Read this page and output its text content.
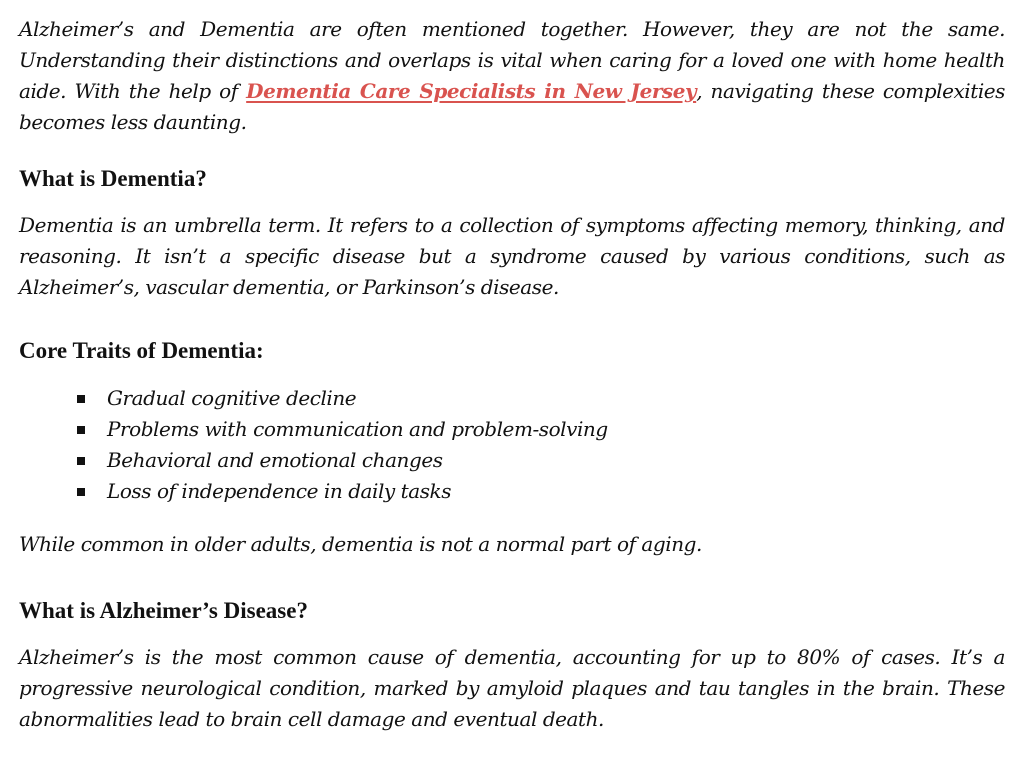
Alzheimer’s and Dementia are often mentioned together. However, they are not the same. Understanding their distinctions and overlaps is vital when caring for a loved one with home health aide. With the help of Dementia Care Specialists in New Jersey, navigating these complexities becomes less daunting.

What is Dementia?

Dementia is an umbrella term. It refers to a collection of symptoms affecting memory, thinking, and reasoning. It isn’t a specific disease but a syndrome caused by various conditions, such as Alzheimer’s, vascular dementia, or Parkinson’s disease.

Core Traits of Dementia:
Gradual cognitive decline
Problems with communication and problem-solving
Behavioral and emotional changes
Loss of independence in daily tasks

While common in older adults, dementia is not a normal part of aging.

What is Alzheimer’s Disease?

Alzheimer’s is the most common cause of dementia, accounting for up to 80% of cases. It’s a progressive neurological condition, marked by amyloid plaques and tau tangles in the brain. These abnormalities lead to brain cell damage and eventual death.
